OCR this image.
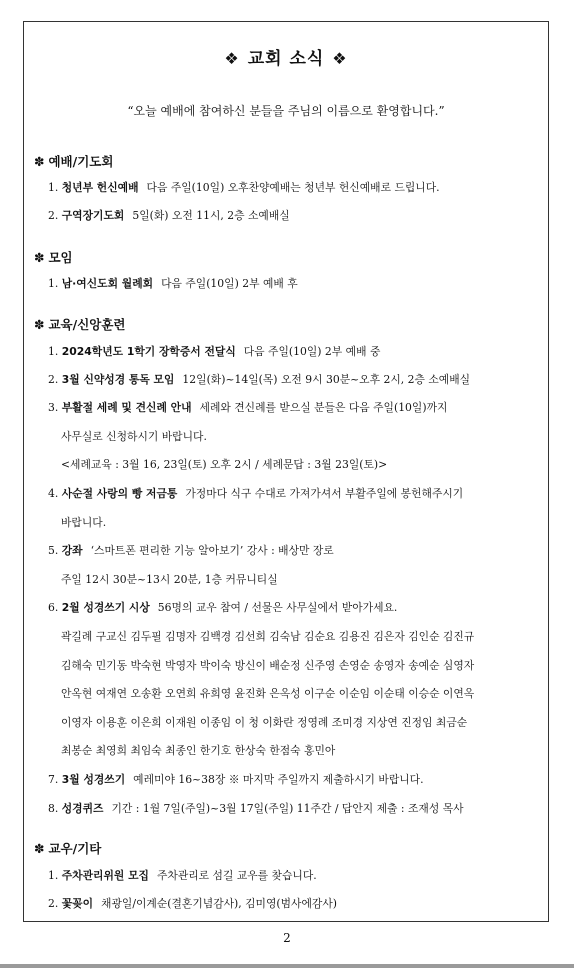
❖ 교회 소식 ❖
“오늘 예배에 참여하신 분들을 주님의 이름으로 환영합니다.”
✽ 예배/기도회
1. 청년부 헌신예배 다음 주일(10일) 오후찬양예배는 청년부 헌신예배로 드립니다.
2. 구역장기도회 5일(화) 오전 11시, 2층 소예배실
✽ 모임
1. 남·여신도회 월례회 다음 주일(10일) 2부 예배 후
✽ 교육/신앙훈련
1. 2024학년도 1학기 장학증서 전달식 다음 주일(10일) 2부 예배 중
2. 3월 신약성경 통독 모임 12일(화)~14일(목) 오전 9시 30분~오후 2시, 2층 소예배실
3. 부활절 세례 및 견신례 안내 세례와 견신례를 받으실 분들은 다음 주일(10일)까지
사무실로 신청하시기 바랍니다.
<세례교육 : 3월 16, 23일(토) 오후 2시 / 세례문답 : 3월 23일(토)>
4. 사순절 사랑의 빵 저금통 가정마다 식구 수대로 가져가셔서 부활주일에 봉헌해주시기
바랍니다.
5. 강좌 ‘스마트폰 편리한 기능 알아보기’ 강사 : 배상만 장로
주일 12시 30분~13시 20분, 1층 커뮤니티실
6. 2월 성경쓰기 시상 56명의 교우 참여 / 선물은 사무실에서 받아가세요.
곽길례 구교신 김두필 김명자 김백경 김선희 김숙남 김순요 김용진 김은자 김인순 김진규
김해숙 민기동 박숙현 박영자 박이숙 방신이 배순정 신주영 손영순 송영자 송예순 심영자
안옥현 여재연 오송환 오연희 유희영 윤진화 은옥성 이구순 이순임 이순태 이승순 이연옥
이영자 이용훈 이은희 이재원 이종임 이 청 이화란 정영례 조미경 지상연 진정임 최금순
최봉순 최영희 최임숙 최종인 한기호 한상숙 한점숙 홍민아
7. 3월 성경쓰기 예레미야 16~38장 ※ 마지막 주일까지 제출하시기 바랍니다.
8. 성경퀴즈 기간 : 1월 7일(주일)~3월 17일(주일) 11주간 / 답안지 제출 : 조재성 목사
✽ 교우/기타
1. 주차관리위원 모집 주차관리로 섬길 교우를 찾습니다.
2. 꽃꽂이 채광일/이계순(결혼기념감사), 김미영(범사에감사)
2
